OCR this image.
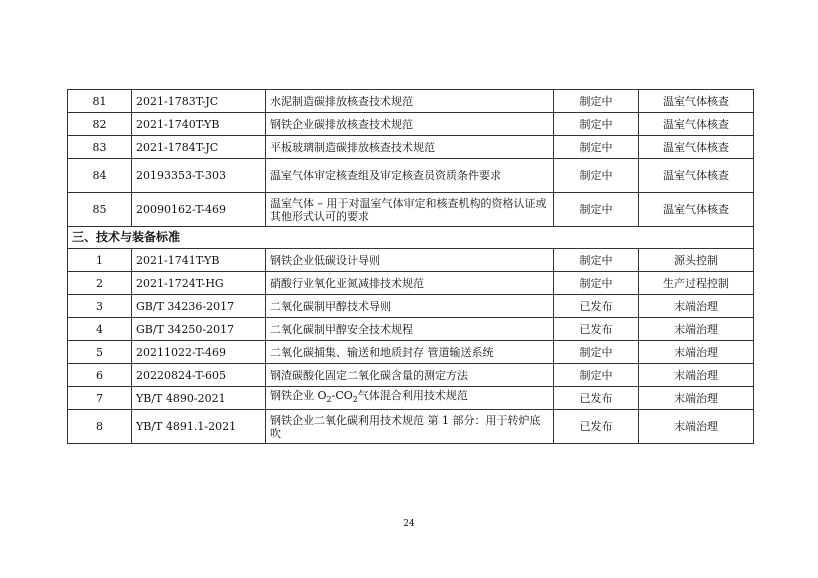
81	2021-1783T-JC	水泥制造碳排放核查技术规范	制定中	温室气体核查
82	2021-1740T-YB	钢铁企业碳排放核查技术规范	制定中	温室气体核查
83	2021-1784T-JC	平板玻璃制造碳排放核查技术规范	制定中	温室气体核查
84	20193353-T-303	温室气体审定核查组及审定核查员资质条件要求	制定中	温室气体核查
85	20090162-T-469	温室气体 – 用于对温室气体审定和核查机构的资格认证或其他形式认可的要求	制定中	温室气体核查
三、技术与装备标准				
1	2021-1741T-YB	钢铁企业低碳设计导则	制定中	源头控制
2	2021-1724T-HG	硝酸行业氧化亚氮减排技术规范	制定中	生产过程控制
3	GB/T 34236-2017	二氧化碳制甲醇技术导则	已发布	末端治理
4	GB/T 34250-2017	二氧化碳制甲醇安全技术规程	已发布	末端治理
5	20211022-T-469	二氧化碳捕集、输送和地质封存 管道输送系统	制定中	末端治理
6	20220824-T-605	钢渣碳酸化固定二氧化碳含量的测定方法	制定中	末端治理
7	YB/T 4890-2021	钢铁企业 $O_2-CO_2$气体混合利用技术规范	已发布	末端治理
8	YB/T 4891.1-2021	钢铁企业二氧化碳利用技术规范 第 1 部分：用于转炉底吹	已发布	末端治理
24
